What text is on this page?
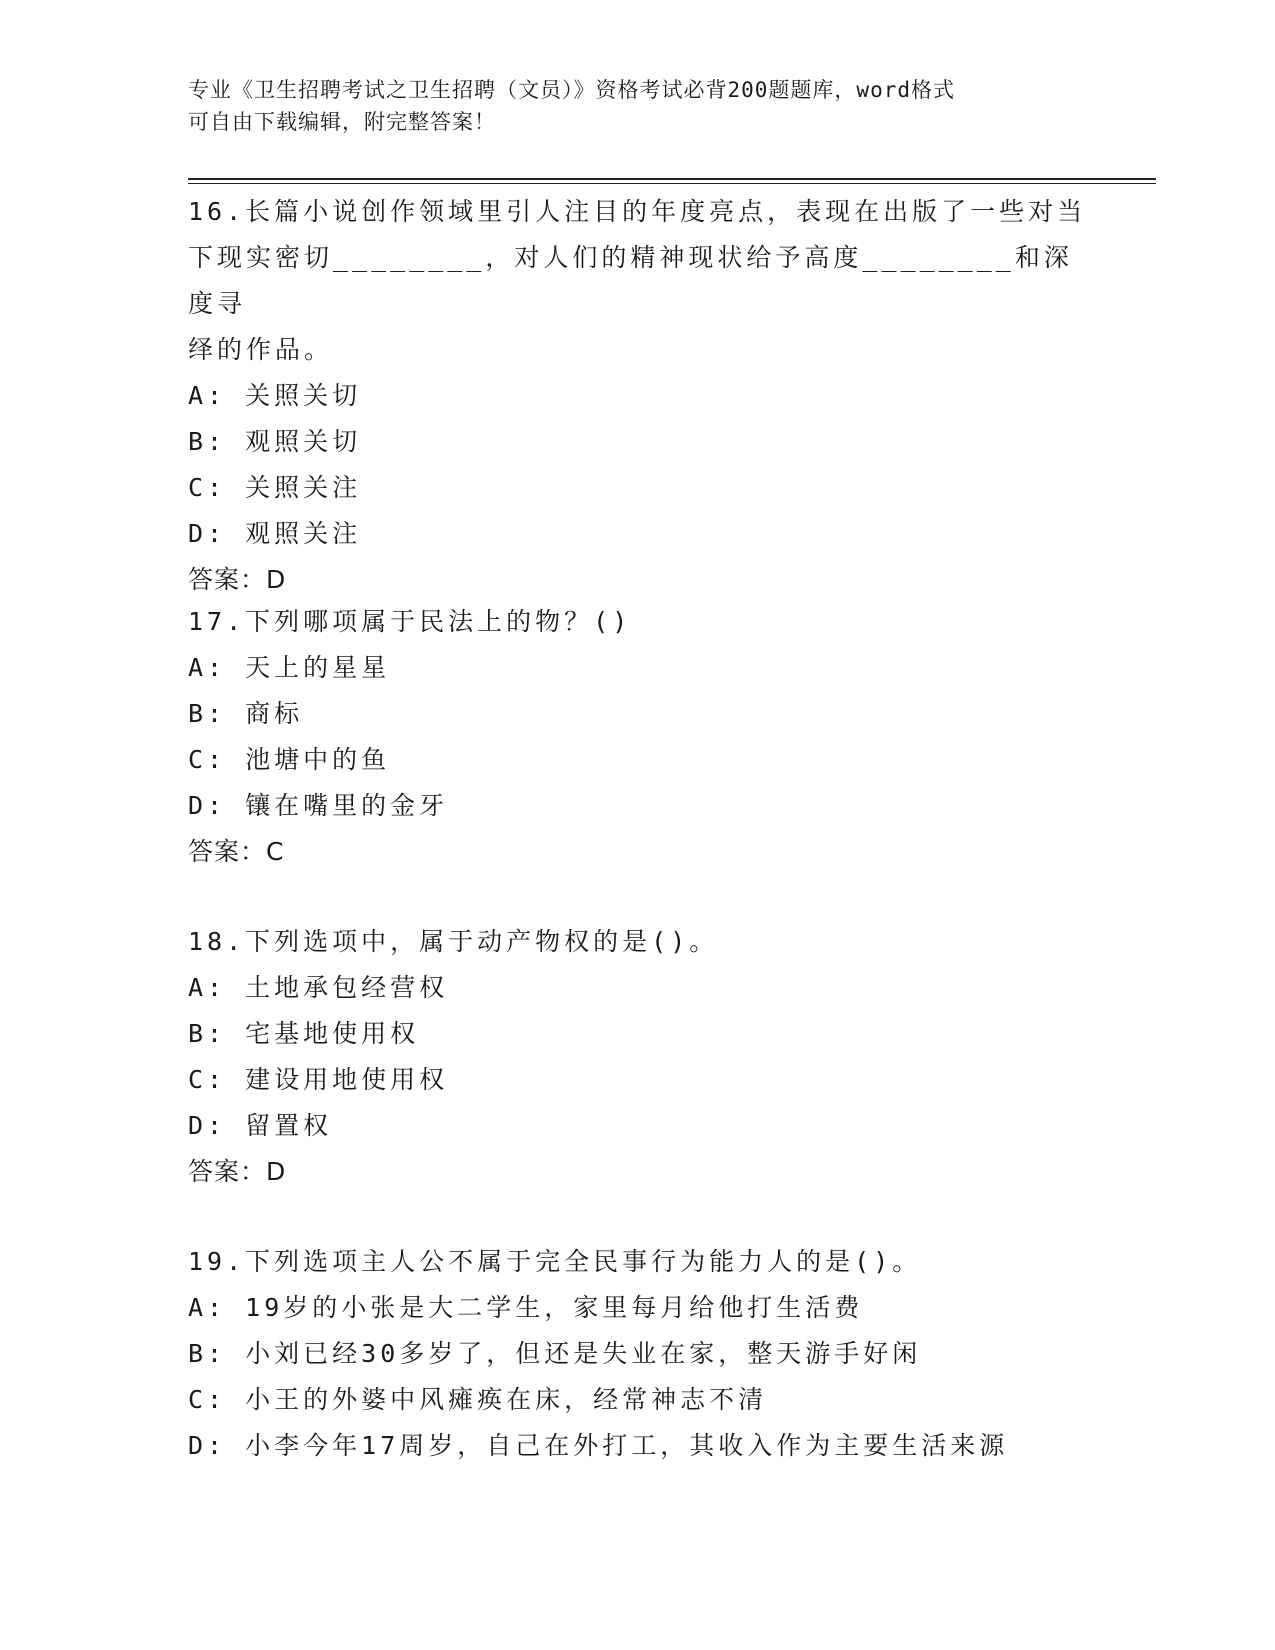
专业《卫生招聘考试之卫生招聘（文员）》资格考试必背200题题库，word格式
可自由下载编辑，附完整答案！
16.长篇小说创作领域里引人注目的年度亮点，表现在出版了一些对当
下现实密切________，对人们的精神现状给予高度________和深度寻
绎的作品。
A: 关照关切
B: 观照关切
C: 关照关注
D: 观照关注
答案：D
17.下列哪项属于民法上的物？()
A: 天上的星星
B: 商标
C: 池塘中的鱼
D: 镶在嘴里的金牙
答案：C
18.下列选项中，属于动产物权的是()。
A: 土地承包经营权
B: 宅基地使用权
C: 建设用地使用权
D: 留置权
答案：D
19.下列选项主人公不属于完全民事行为能力人的是()。
A: 19岁的小张是大二学生，家里每月给他打生活费
B: 小刘已经30多岁了，但还是失业在家，整天游手好闲
C: 小王的外婆中风瘫痪在床，经常神志不清
D: 小李今年17周岁，自己在外打工，其收入作为主要生活来源
